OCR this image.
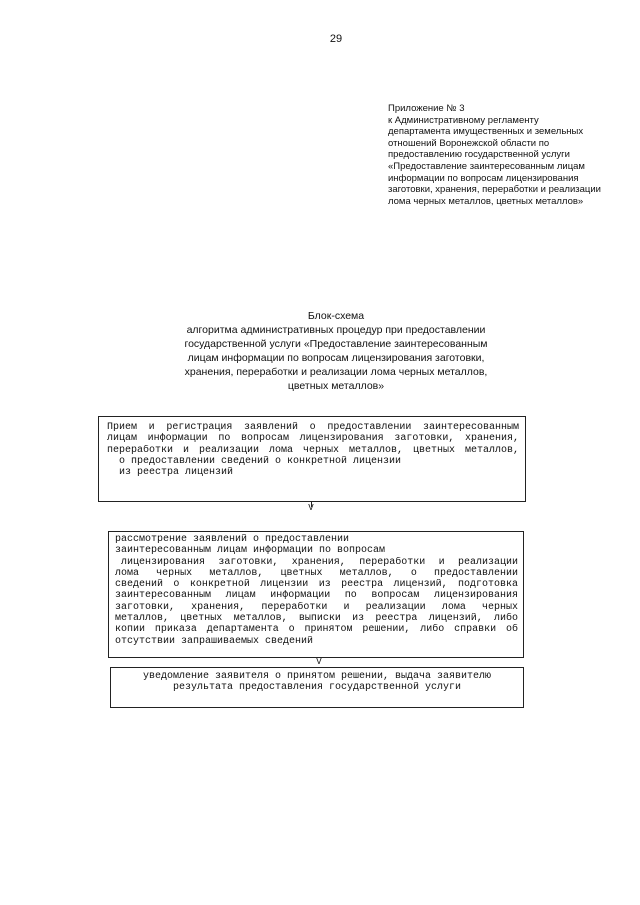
29
Приложение № 3
к Административному регламенту
департамента имущественных и земельных
отношений Воронежской области по
предоставлению государственной услуги
«Предоставление заинтересованным лицам
информации по вопросам лицензирования
заготовки, хранения, переработки и реализации
лома черных металлов, цветных металлов»
Блок-схема
алгоритма административных процедур при предоставлении
государственной услуги «Предоставление заинтересованным
лицам информации по вопросам лицензирования заготовки,
хранения, переработки и реализации лома черных металлов,
цветных металлов»
Прием и регистрация заявлений о предоставлении заинтересованным
лицам информации по вопросам лицензирования заготовки, хранения,
переработки и реализации лома черных металлов, цветных металлов,
о предоставлении сведений о конкретной лицензии
из реестра лицензий
V
рассмотрение заявлений о предоставлении
заинтересованным лицам информации по вопросам
лицензирования заготовки, хранения, переработки и реализации
лома черных металлов, цветных металлов, о предоставлении
сведений о конкретной лицензии из реестра лицензий, подготовка
заинтересованным лицам информации по вопросам лицензирования
заготовки, хранения, переработки и реализации лома черных
металлов, цветных металлов, выписки из реестра лицензий, либо
копии приказа департамента о принятом решении, либо справки об
отсутствии запрашиваемых сведений
V
уведомление заявителя о принятом решении, выдача заявителю
результата предоставления государственной услуги
